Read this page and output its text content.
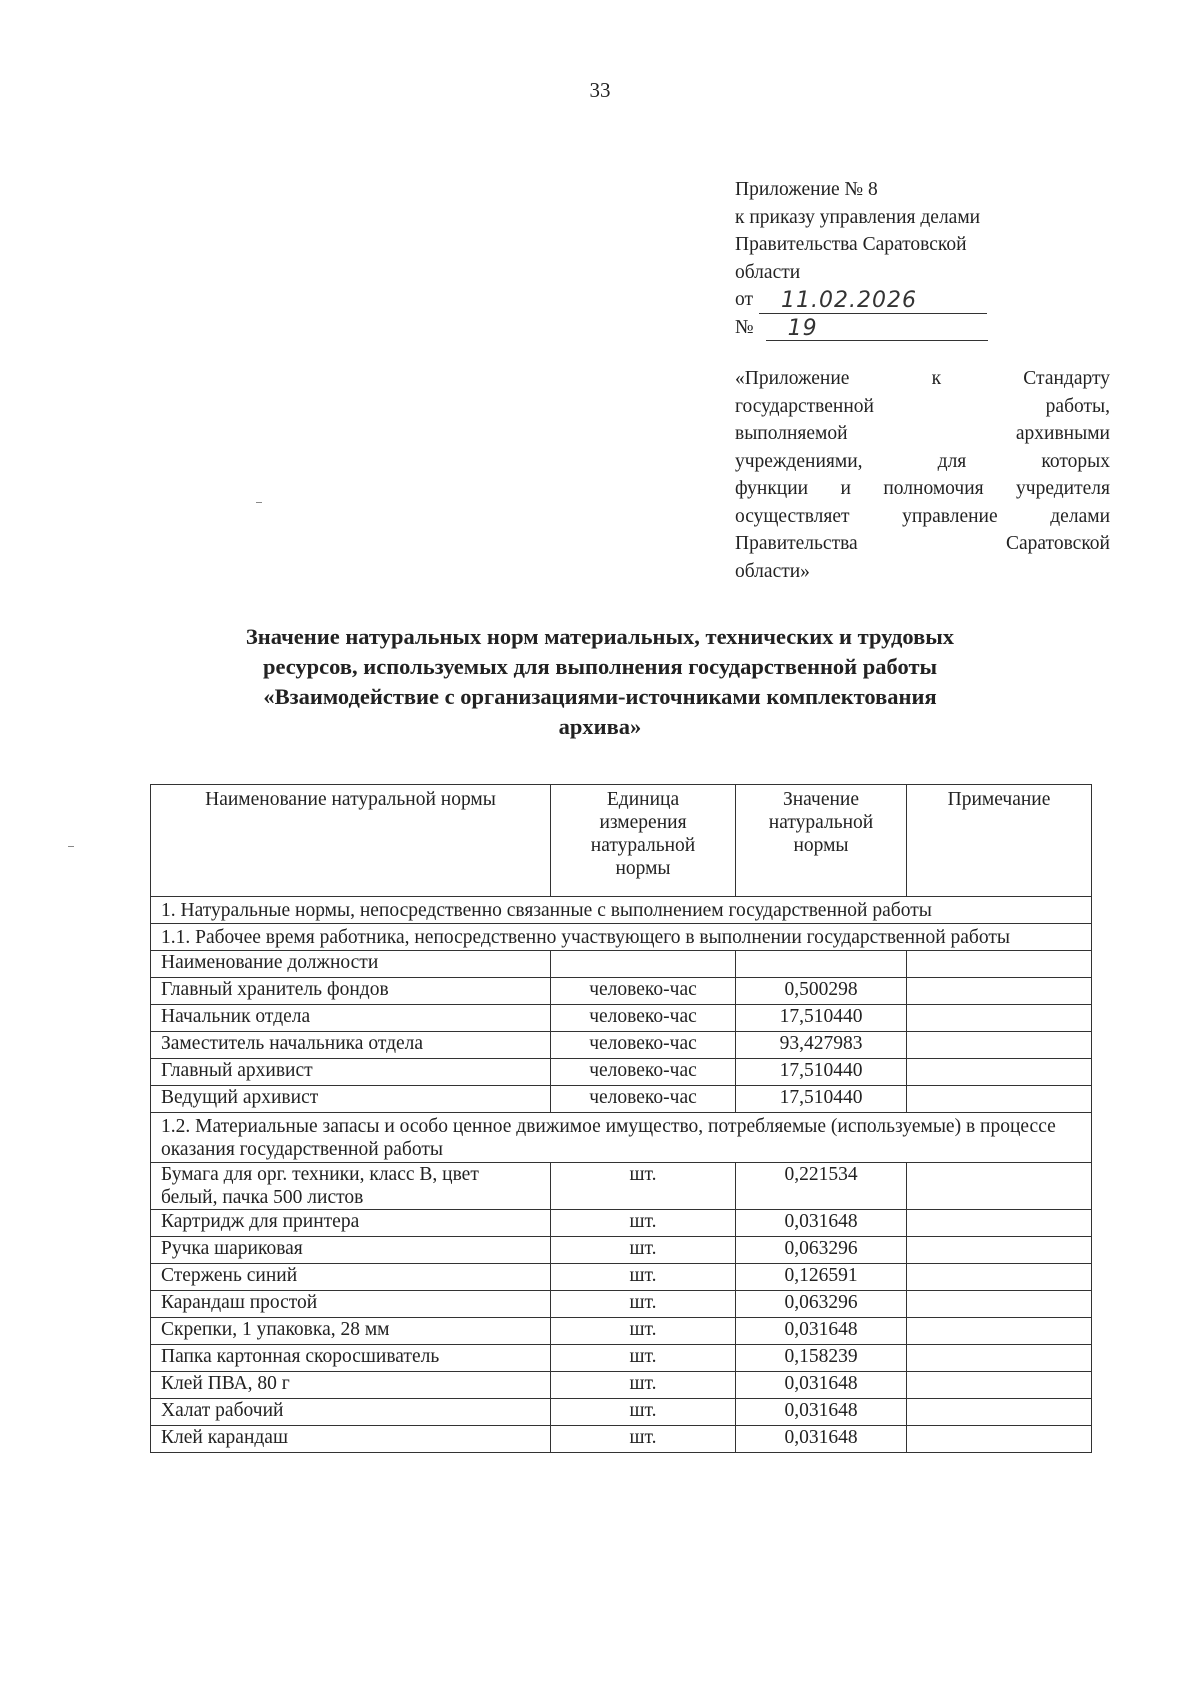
33
Приложение № 8
к приказу управления делами
Правительства Саратовской
области
от 11.02.2026
№ 19
«Приложение к Стандарту
государственной работы,
выполняемой архивными
учреждениями, для которых
функции и полномочия учредителя
осуществляет управление делами
Правительства Саратовской
области»
Значение натуральных норм материальных, технических и трудовых
ресурсов, используемых для выполнения государственной работы
«Взаимодействие с организациями-источниками комплектования
архива»
Наименование натуральной нормы	Единица измерения натуральной нормы	Значение натуральной нормы	Примечание
1. Натуральные нормы, непосредственно связанные с выполнением государственной работы			
1.1. Рабочее время работника, непосредственно участвующего в выполнении государственной работы			
Наименование должности			
Главный хранитель фондов	человеко-час	0,500298	
Начальник отдела	человеко-час	17,510440	
Заместитель начальника отдела	человеко-час	93,427983	
Главный архивист	человеко-час	17,510440	
Ведущий архивист	человеко-час	17,510440	
1.2. Материальные запасы и особо ценное движимое имущество, потребляемые (используемые) в процессе оказания государственной работы			
Бумага для орг. техники, класс В, цвет белый, пачка 500 листов	шт.	0,221534	
Картридж для принтера	шт.	0,031648	
Ручка шариковая	шт.	0,063296	
Стержень синий	шт.	0,126591	
Карандаш простой	шт.	0,063296	
Скрепки, 1 упаковка, 28 мм	шт.	0,031648	
Папка картонная скоросшиватель	шт.	0,158239	
Клей ПВА, 80 г	шт.	0,031648	
Халат рабочий	шт.	0,031648	
Клей карандаш	шт.	0,031648	
